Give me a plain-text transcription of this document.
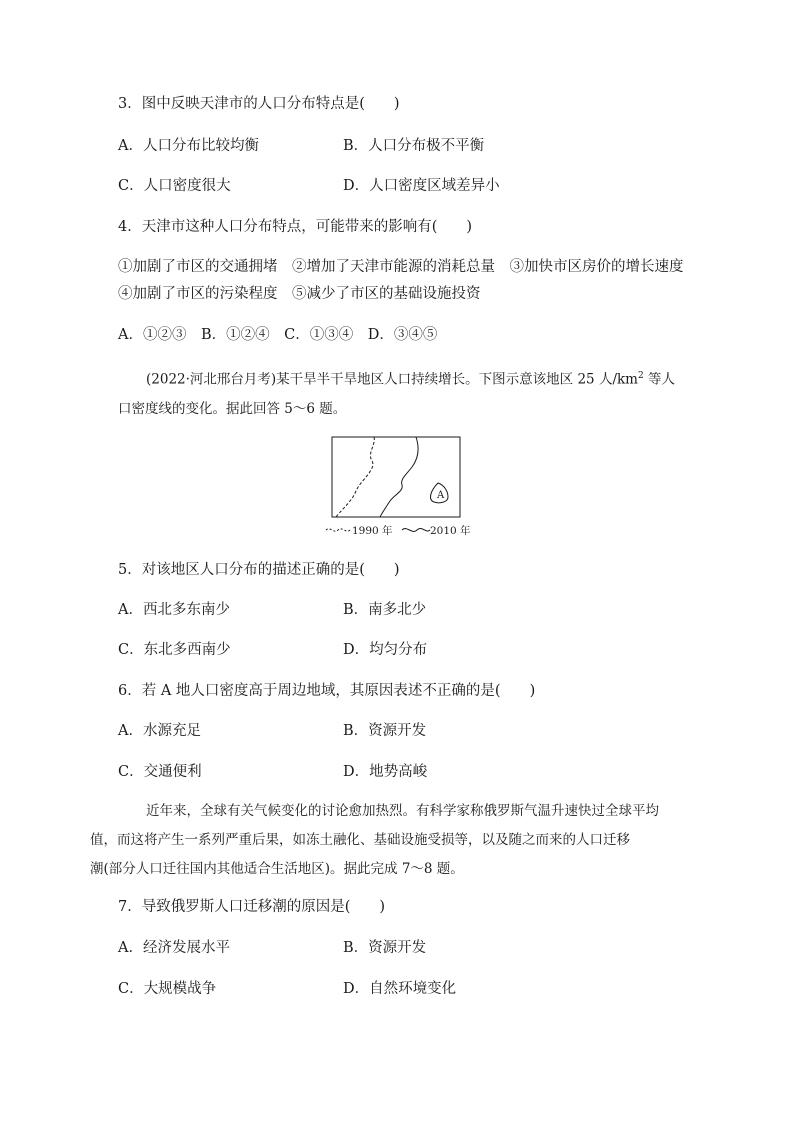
3．图中反映天津市的人口分布特点是(　　)
A．人口分布比较均衡	B．人口分布极不平衡
C．人口密度很大	D．人口密度区域差异小
4．天津市这种人口分布特点，可能带来的影响有(　　)
①加剧了市区的交通拥堵　②增加了天津市能源的消耗总量　③加快市区房价的增长速度
④加剧了市区的污染程度　⑤减少了市区的基础设施投资
A．①②③　B．①②④　C．①③④　D．③④⑤
(2022·河北邢台月考)某干旱半干旱地区人口持续增长。下图示意该地区 25 人$/km^2$ 等人
口密度线的变化。据此回答 5～6 题。
A
1990 年	2010 年
5．对该地区人口分布的描述正确的是(　　)
A．西北多东南少	B．南多北少
C．东北多西南少	D．均匀分布
6．若 A 地人口密度高于周边地域，其原因表述不正确的是(　　)
A．水源充足	B．资源开发
C．交通便利	D．地势高峻
近年来，全球有关气候变化的讨论愈加热烈。有科学家称俄罗斯气温升速快过全球平均
值，而这将产生一系列严重后果，如冻土融化、基础设施受损等，以及随之而来的人口迁移
潮(部分人口迁往国内其他适合生活地区)。据此完成 7～8 题。
7．导致俄罗斯人口迁移潮的原因是(　　)
A．经济发展水平	B．资源开发
C．大规模战争	D．自然环境变化
